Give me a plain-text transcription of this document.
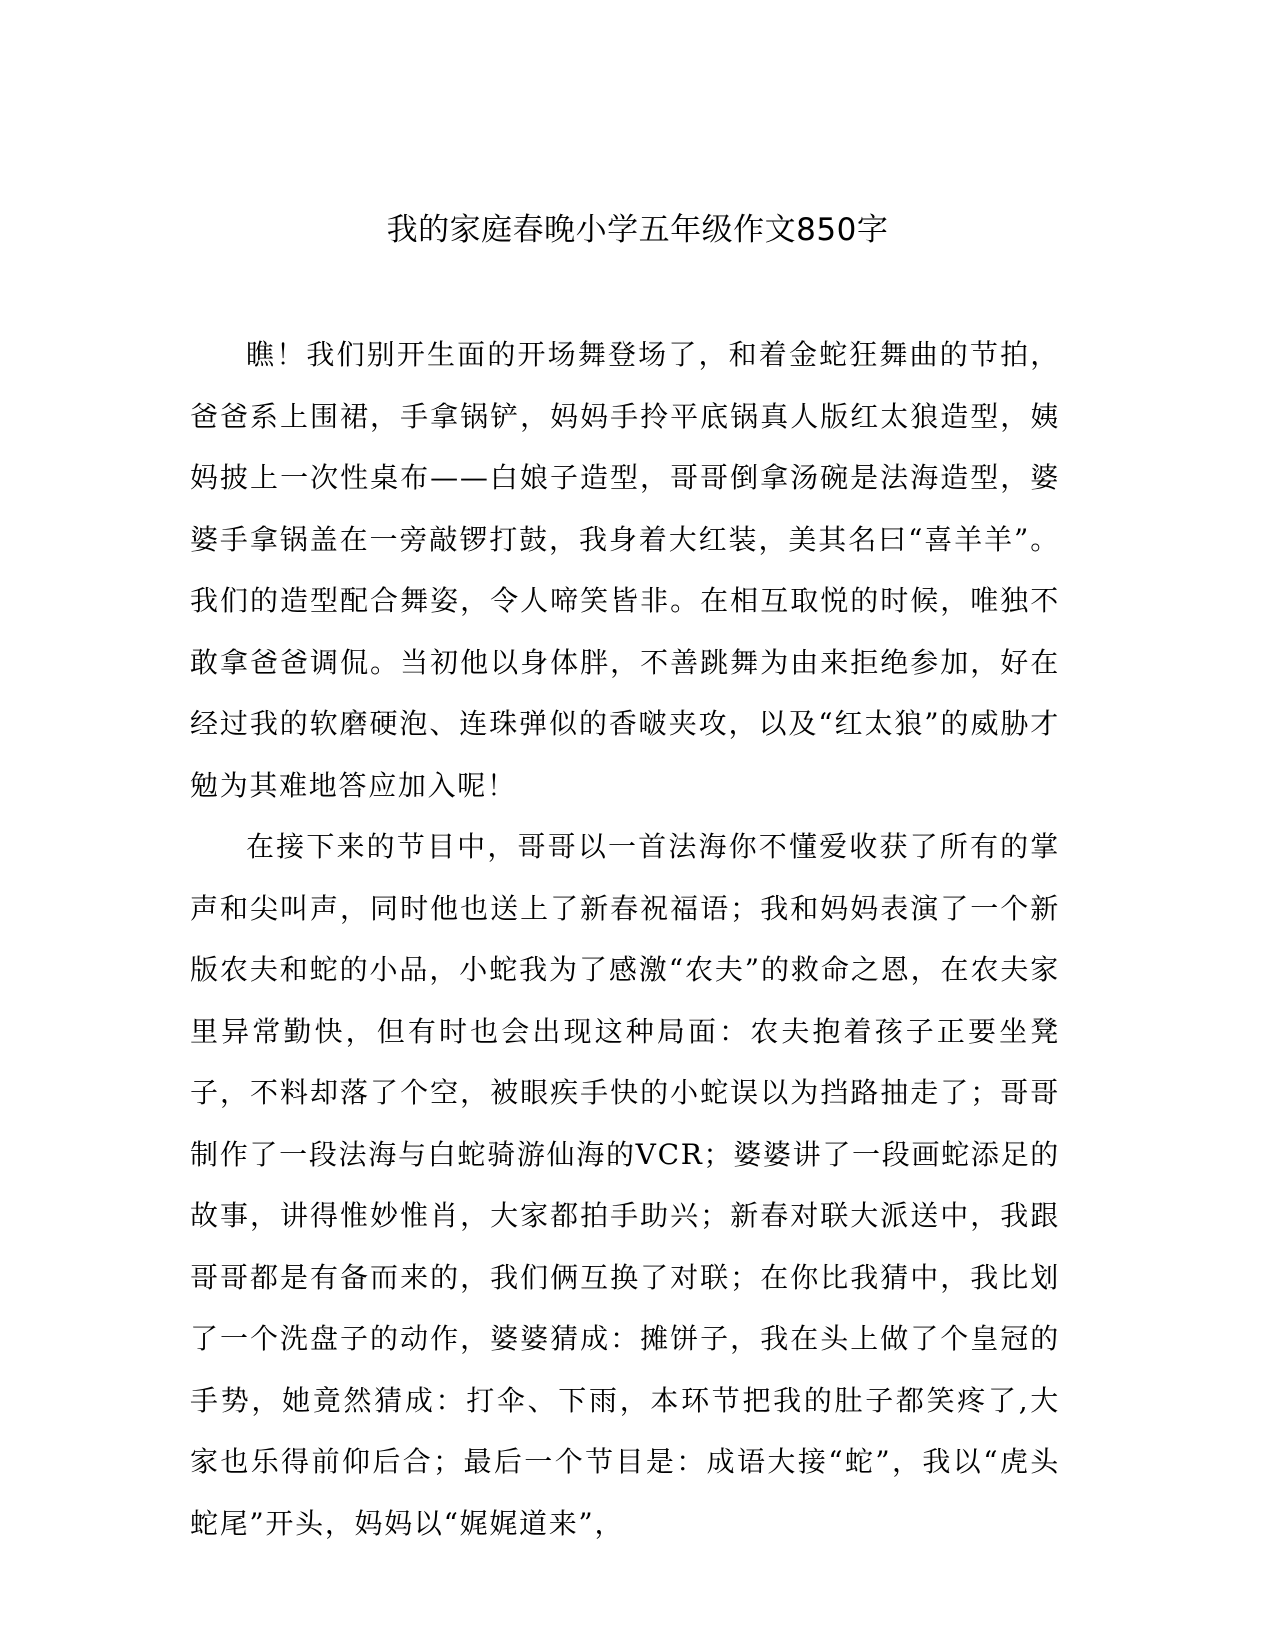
我的家庭春晚小学五年级作文850字

瞧！我们别开生面的开场舞登场了，和着金蛇狂舞曲的节拍，爸爸系上围裙，手拿锅铲，妈妈手拎平底锅真人版红太狼造型，姨妈披上一次性桌布——白娘子造型，哥哥倒拿汤碗是法海造型，婆婆手拿锅盖在一旁敲锣打鼓，我身着大红装，美其名曰“喜羊羊”。我们的造型配合舞姿，令人啼笑皆非。在相互取悦的时候，唯独不敢拿爸爸调侃。当初他以身体胖，不善跳舞为由来拒绝参加，好在经过我的软磨硬泡、连珠弹似的香啵夹攻，以及“红太狼”的威胁才勉为其难地答应加入呢！

在接下来的节目中，哥哥以一首法海你不懂爱收获了所有的掌声和尖叫声，同时他也送上了新春祝福语；我和妈妈表演了一个新版农夫和蛇的小品，小蛇我为了感激“农夫”的救命之恩，在农夫家里异常勤快，但有时也会出现这种局面：农夫抱着孩子正要坐凳子，不料却落了个空，被眼疾手快的小蛇误以为挡路抽走了；哥哥制作了一段法海与白蛇骑游仙海的VCR；婆婆讲了一段画蛇添足的故事，讲得惟妙惟肖，大家都拍手助兴；新春对联大派送中，我跟哥哥都是有备而来的，我们俩互换了对联；在你比我猜中，我比划了一个洗盘子的动作，婆婆猜成：摊饼子，我在头上做了个皇冠的手势，她竟然猜成：打伞、下雨，本环节把我的肚子都笑疼了,大家也乐得前仰后合；最后一个节目是：成语大接“蛇”，我以“虎头蛇尾”开头，妈妈以“娓娓道来”，
